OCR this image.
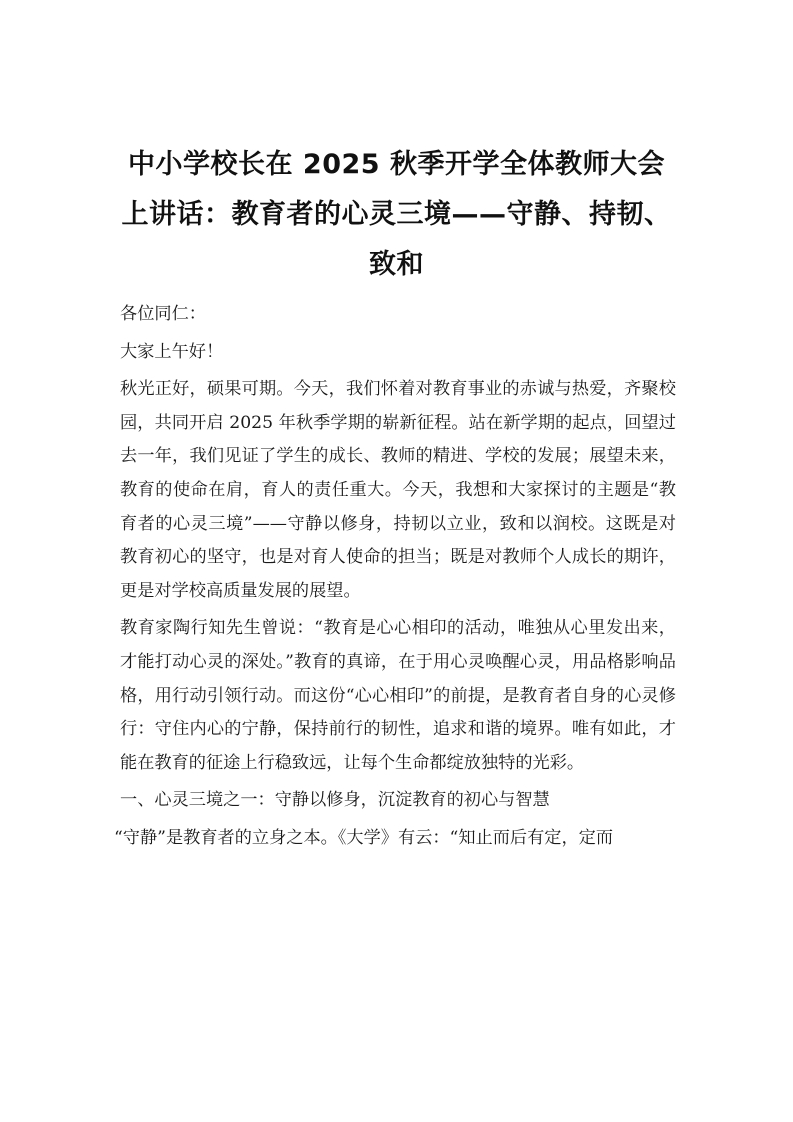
中小学校长在 2025 秋季开学全体教师大会
上讲话：教育者的心灵三境——守静、持韧、
致和

各位同仁：

大家上午好！

秋光正好，硕果可期。今天，我们怀着对教育事业的赤诚与热爱，齐聚校园，共同开启 2025 年秋季学期的崭新征程。站在新学期的起点，回望过去一年，我们见证了学生的成长、教师的精进、学校的发展；展望未来，教育的使命在肩，育人的责任重大。今天，我想和大家探讨的主题是“教育者的心灵三境”——守静以修身，持韧以立业，致和以润校。这既是对教育初心的坚守，也是对育人使命的担当；既是对教师个人成长的期许，更是对学校高质量发展的展望。

教育家陶行知先生曾说：“教育是心心相印的活动，唯独从心里发出来，才能打动心灵的深处。”教育的真谛，在于用心灵唤醒心灵，用品格影响品格，用行动引领行动。而这份“心心相印”的前提，是教育者自身的心灵修行：守住内心的宁静，保持前行的韧性，追求和谐的境界。唯有如此，才能在教育的征途上行稳致远，让每个生命都绽放独特的光彩。

一、心灵三境之一：守静以修身，沉淀教育的初心与智慧

“守静”是教育者的立身之本。《大学》有云：“知止而后有定，定而
